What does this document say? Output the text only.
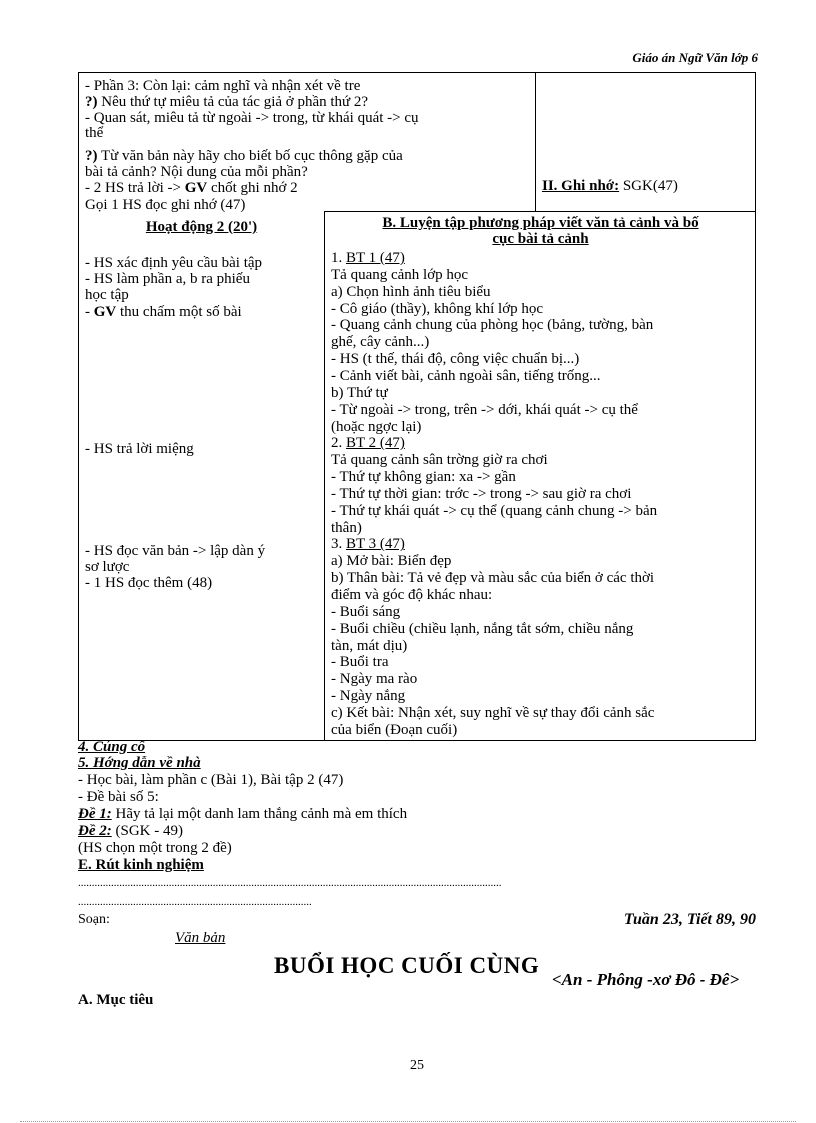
Giáo án Ngữ Văn lớp 6
- Phần 3: Còn lại: cảm nghĩ và nhận xét về tre
?) Nêu thứ tự miêu tả của tác giả ở phần thứ 2?
- Quan sát, miêu tả từ ngoài -> trong, từ khái quát -> cụ
thể
?) Từ văn bản này hãy cho biết bố cục thông gặp của
bài tả cảnh? Nội dung của mỗi phần?
- 2 HS trả lời -> GV chốt ghi nhớ 2
Gọi 1 HS đọc ghi nhớ (47)
II. Ghi nhớ: SGK(47)
Hoạt động 2 (20')
- HS xác định yêu cầu bài tập
- HS làm phần a, b ra phiếu
học tập
- GV thu chấm một số bài
- HS trả lời miệng
- HS đọc văn bản -> lập dàn ý
sơ lược
- 1 HS đọc thêm (48)
B. Luyện tập phương pháp viết văn tả cảnh và bố
cục bài tả cảnh
1. BT 1 (47)
Tả quang cảnh lớp học
a) Chọn hình ảnh tiêu biểu
- Cô giáo (thầy), không khí lớp học
- Quang cảnh chung của phòng học (bảng, tường, bàn
ghế, cây cảnh...)
- HS (t thế, thái độ, công việc chuẩn bị...)
- Cảnh viết bài, cảnh ngoài sân, tiếng trống...
b) Thứ tự
- Từ ngoài -> trong, trên -> dới, khái quát -> cụ thể
(hoặc ngợc lại)
2. BT 2 (47)
Tả quang cảnh sân trờng giờ ra chơi
- Thứ tự không gian: xa -> gần
- Thứ tự thời gian: trớc -> trong -> sau giờ ra chơi
- Thứ tự khái quát -> cụ thể (quang cảnh chung -> bản
thân)
3. BT 3 (47)
a) Mở bài: Biển đẹp
b) Thân bài: Tả vẻ đẹp và màu sắc của biển ở các thời
điểm và góc độ khác nhau:
- Buổi sáng
- Buổi chiều (chiều lạnh, nắng tắt sớm, chiều nắng
tàn, mát dịu)
- Buổi tra
- Ngày ma rào
- Ngày nắng
c) Kết bài: Nhận xét, suy nghĩ về sự thay đổi cảnh sắc
của biển (Đoạn cuối)
4. Củng cố
5. Hớng dẫn về nhà
- Học bài, làm phần c (Bài 1), Bài tập 2 (47)
- Đề bài số 5:
Đề 1: Hãy tả lại một danh lam thắng cảnh mà em thích
Đề 2: (SGK - 49)
(HS chọn một trong 2 đề)
E. Rút kinh nghiệm
..........................................................................................................................................................
.....................................................................................
Soạn:	Tuần 23, Tiết 89, 90
Văn bản
BUỔI HỌC CUỐI CÙNG
<An - Phông -xơ Đô - Đê>
A. Mục tiêu
25
